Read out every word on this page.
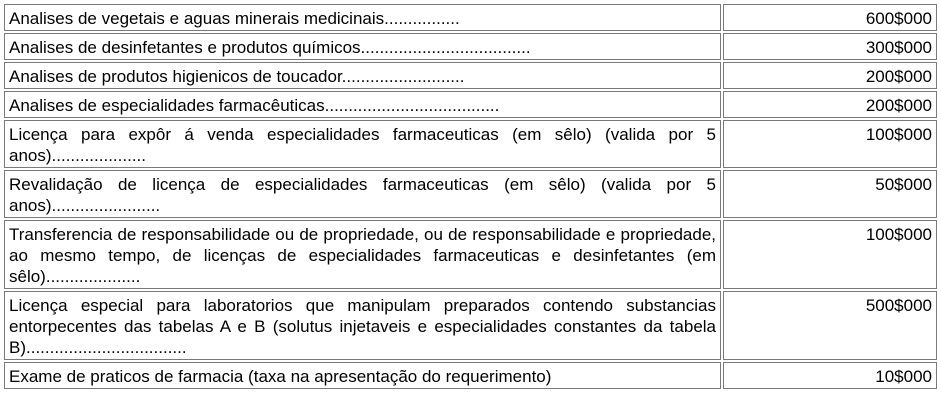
Analises de vegetais e aguas minerais medicinais................	600$000
Analises de desinfetantes e produtos químicos....................................	300$000
Analises de produtos higienicos de toucador..........................	200$000
Analises de especialidades farmacêuticas.....................................	200$000
Licença para expôr á venda especialidades farmaceuticas (em sêlo) (valida por 5 anos)....................	100$000
Revalidação de licença de especialidades farmaceuticas (em sêlo) (valida por 5 anos).......................	50$000
Transferencia de responsabilidade ou de propriedade, ou de responsabilidade e propriedade, ao mesmo tempo, de licenças de especialidades farmaceuticas e desinfetantes (em sêlo)....................	100$000
Licença especial para laboratorios que manipulam preparados contendo substancias entorpecentes das tabelas A e B (solutus injetaveis e especialidades constantes da tabela B)..................................	500$000
Exame de praticos de farmacia (taxa na apresentação do requerimento)	10$000
